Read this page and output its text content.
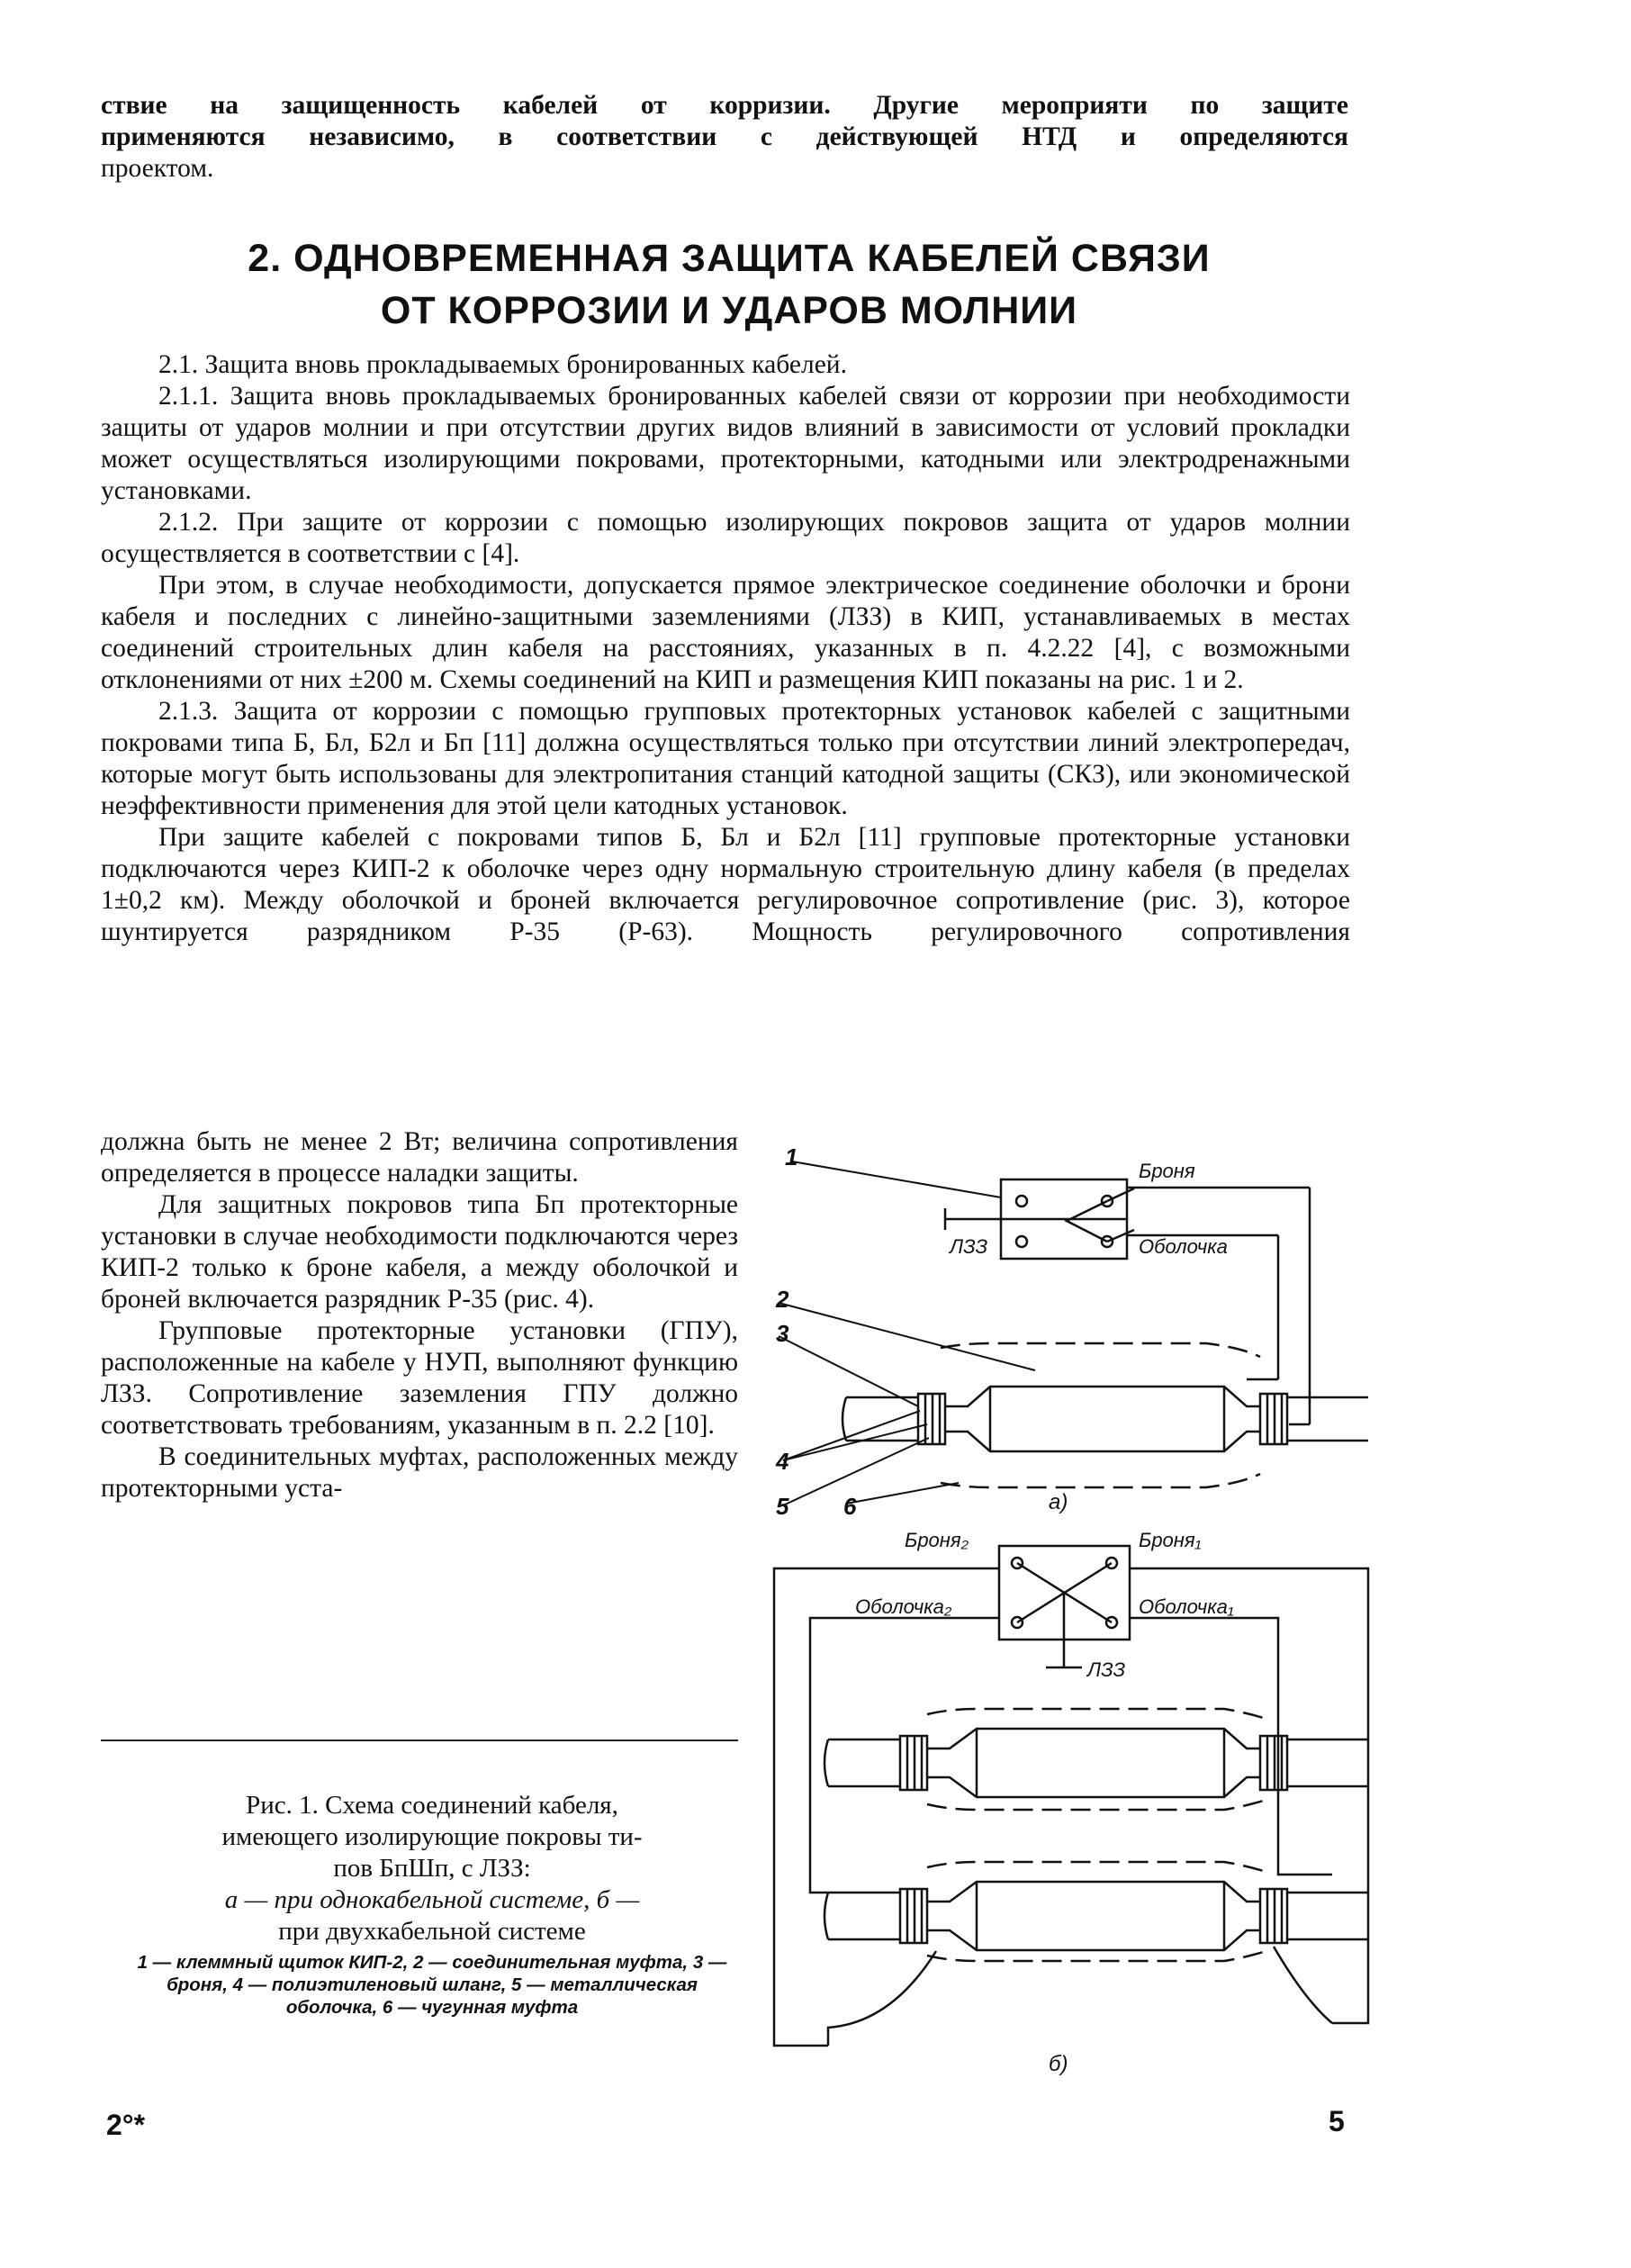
ствие на защищенность кабелей от корризии. Другие мероприяти по защите

применяются независимо, в соответствии с действующей НТД и определяются

проектом.

2. ОДНОВРЕМЕННАЯ ЗАЩИТА КАБЕЛЕЙ СВЯЗИ
ОТ КОРРОЗИИ И УДАРОВ МОЛНИИ

2.1. Защита вновь прокладываемых бронированных кабелей.

2.1.1. Защита вновь прокладываемых бронированных кабелей связи от коррозии при необходимости защиты от ударов молнии и при отсутствии других видов влияний в зависимости от условий прокладки может осуществляться изолирующими покровами, протекторными, катодными или электродренажными установками.

2.1.2. При защите от коррозии с помощью изолирующих покровов защита от ударов молнии осуществляется в соответствии с [4].

При этом, в случае необходимости, допускается прямое электрическое соединение оболочки и брони кабеля и последних с линейно-защитными заземлениями (ЛЗЗ) в КИП, устанавливаемых в местах соединений строительных длин кабеля на расстояниях, указанных в п. 4.2.22 [4], с возможными отклонениями от них ±200 м. Схемы соединений на КИП и размещения КИП показаны на рис. 1 и 2.

2.1.3. Защита от коррозии с помощью групповых протекторных установок кабелей с защитными покровами типа Б, Бл, Б2л и Бп [11] должна осуществляться только при отсутствии линий электропередач, которые могут быть использованы для электропитания станций катодной защиты (СКЗ), или экономической неэффективности применения для этой цели катодных установок.

При защите кабелей с покровами типов Б, Бл и Б2л [11] групповые протекторные установки подключаются через КИП-2 к оболочке через одну нормальную строительную длину кабеля (в пределах 1±0,2 км). Между оболочкой и броней включается регулировочное сопротивление (рис. 3), которое шунтируется разрядником Р-35 (Р-63). Мощность регулировочного сопротивления

должна быть не менее 2 Вт; величина сопротивления определяется в процессе наладки защиты.

Для защитных покровов типа Бп протекторные установки в случае необходимости подключаются через КИП-2 только к броне кабеля, а между оболочкой и броней включается разрядник Р-35 (рис. 4).

Групповые протекторные установки (ГПУ), расположенные на кабеле у НУП, выполняют функцию ЛЗЗ. Сопротивление заземления ГПУ должно соответствовать требованиям, указанным в п. 2.2 [10].

В соединительных муфтах, расположенных между протекторными уста-

Рис. 1. Схема соединений кабеля,

имеющего изолирующие покровы ти-

пов БпШп, с ЛЗЗ:

а — при однокабельной системе, б —

при двухкабельной системе

1 — клеммный щиток КИП-2, 2 — соединительная муфта, 3 — броня, 4 — полиэтиленовый шланг, 5 — металлическая оболочка, 6 — чугунная муфта

Броня
Оболочка
ЛЗЗ
а)
1
2
3
4
5 6
Броня₂	Броня₁
Оболочка₂	Оболочка₁
ЛЗЗ
б)
2°*	5
